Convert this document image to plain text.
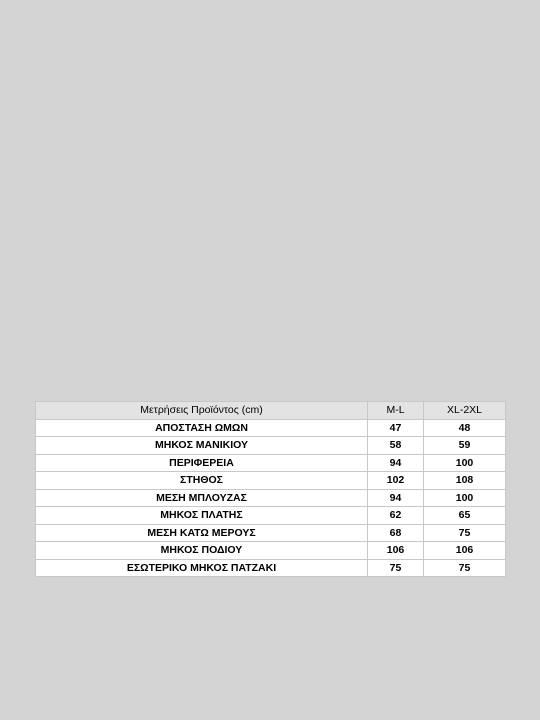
Μετρήσεις Προϊόντος (cm)	M-L	XL-2XL
ΑΠΟΣΤΑΣΗ ΩΜΩΝ	47	48
ΜΗΚΟΣ ΜΑΝΙΚΙΟΥ	58	59
ΠΕΡΙΦΕΡΕΙΑ	94	100
ΣΤΗΘΟΣ	102	108
ΜΕΣΗ ΜΠΛΟΥΖΑΣ	94	100
ΜΗΚΟΣ ΠΛΑΤΗΣ	62	65
ΜΕΣΗ ΚΑΤΩ ΜΕΡΟΥΣ	68	75
ΜΗΚΟΣ ΠΟΔΙΟΥ	106	106
ΕΣΩΤΕΡΙΚΟ ΜΗΚΟΣ ΠΑΤΖΑΚΙ	75	75
